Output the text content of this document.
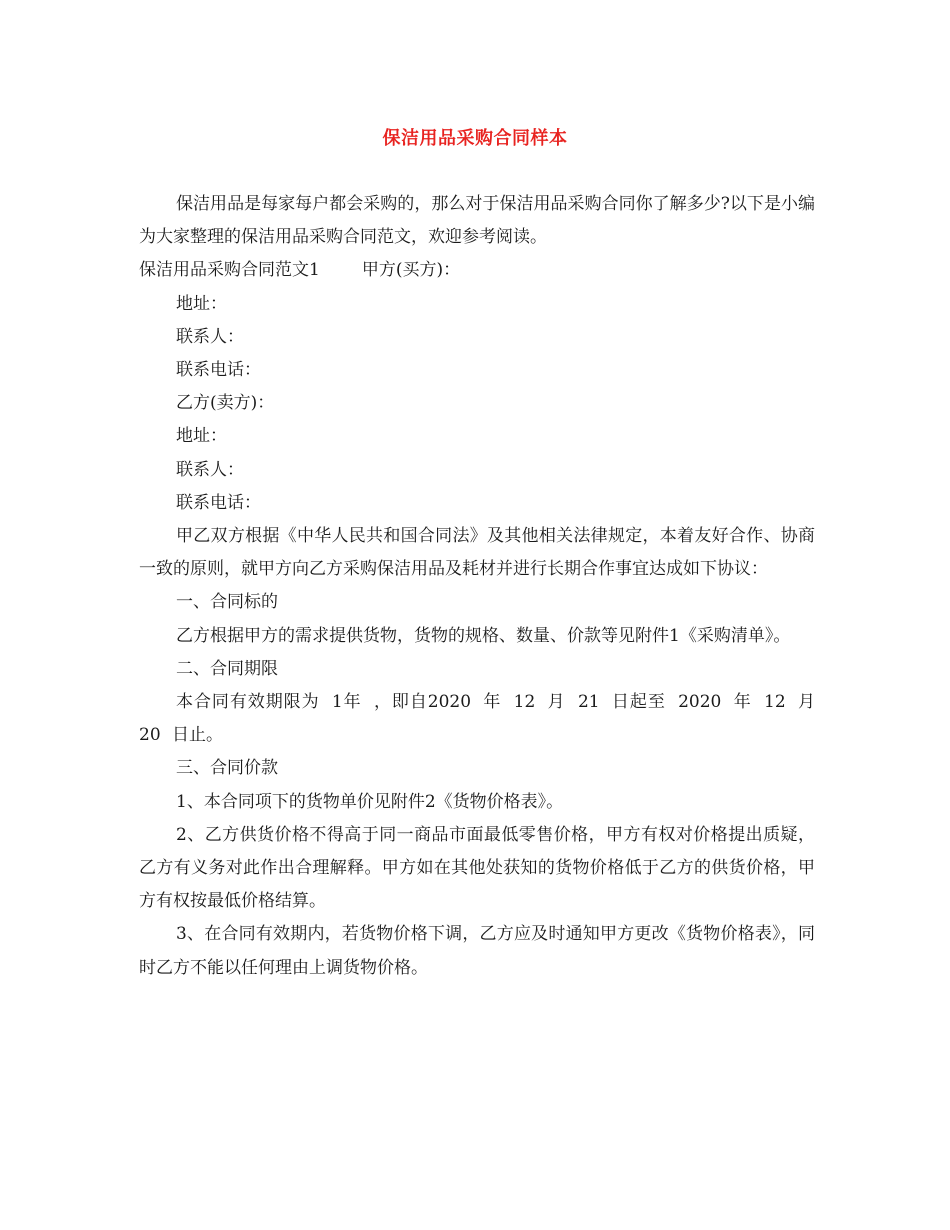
保洁用品采购合同样本

保洁用品是每家每户都会采购的，那么对于保洁用品采购合同你了解多少?以下是小编为大家整理的保洁用品采购合同范文，欢迎参考阅读。

保洁用品采购合同范文1 甲方(买方)：

地址：

联系人：

联系电话：

乙方(卖方)：

地址：

联系人：

联系电话：

甲乙双方根据《中华人民共和国合同法》及其他相关法律规定，本着友好合作、协商一致的原则，就甲方向乙方采购保洁用品及耗材并进行长期合作事宜达成如下协议：

一、合同标的

乙方根据甲方的需求提供货物，货物的规格、数量、价款等见附件1《采购清单》。

二、合同期限

本合同有效期限为 1年 ，即自2020 年 12 月 21 日起至 2020 年 12 月 20 日止。

三、合同价款

1、本合同项下的货物单价见附件2《货物价格表》。

2、乙方供货价格不得高于同一商品市面最低零售价格，甲方有权对价格提出质疑，乙方有义务对此作出合理解释。甲方如在其他处获知的货物价格低于乙方的供货价格，甲方有权按最低价格结算。

3、在合同有效期内，若货物价格下调，乙方应及时通知甲方更改《货物价格表》，同时乙方不能以任何理由上调货物价格。
